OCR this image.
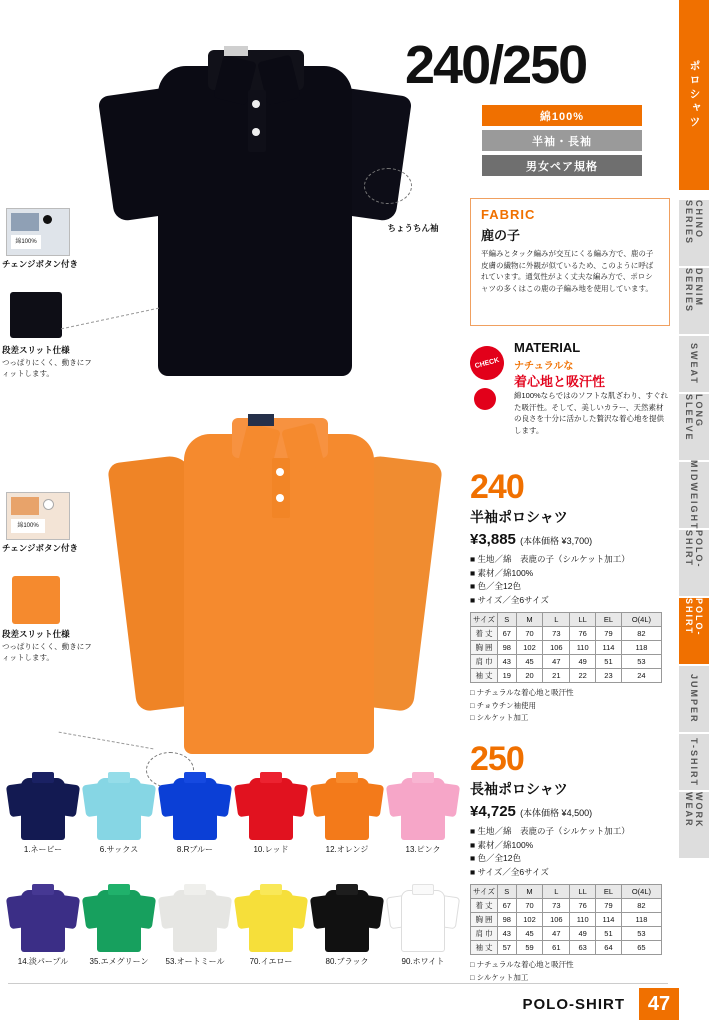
ポロシャツ
CHINO SERIES
DENIM SERIES
SWEAT
LONG SLEEVE
MIDWEIGHT
POLO-SHIRT
POLO-SHIRT
JUMPER
T-SHIRT
WORK WEAR
240/250
綿100%
半袖・長袖
男女ペア規格
FABRIC
鹿の子
平編みとタック編みが交互にくる編み方で、鹿の子皮膚の繊物に外観が似ているため、このように呼ばれています。通気性がよく丈夫な編み方で、ポロシャツの多くはこの鹿の子編み地を使用しています。
CHECK
MATERIAL
ナチュラルな
着心地と吸汗性
綿100%ならではのソフトな肌ざわり、すぐれた吸汗性。そして、美しいカラー、天然素材の良さを十分に活かした贅沢な着心地を提供します。
240
半袖ポロシャツ
¥3,885 (本体価格 ¥3,700)
■ 生地／綿　表鹿の子（シルケット加工）
■ 素材／綿100%
■ 色／全12色
■ サイズ／全6サイズ
サイズ	S	M	L	LL	EL	O(4L)
着 丈	67	70	73	76	79	82
胸 囲	98	102	106	110	114	118
肩 巾	43	45	47	49	51	53
袖 丈	19	20	21	22	23	24
□ ナチュラルな着心地と吸汗性
□ チョウチン袖使用
□ シルケット加工
250
長袖ポロシャツ
¥4,725 (本体価格 ¥4,500)
■ 生地／綿　表鹿の子（シルケット加工）
■ 素材／綿100%
■ 色／全12色
■ サイズ／全6サイズ
サイズ	S	M	L	LL	EL	O(4L)
着 丈	67	70	73	76	79	82
胸 囲	98	102	106	110	114	118
肩 巾	43	45	47	49	51	53
袖 丈	57	59	61	63	64	65
□ ナチュラルな着心地と吸汗性
□ シルケット加工
ちょうちん袖
綿100%
チェンジボタン付き
段差スリット仕様
つっぱりにくく、動きにフィットします。
綿100%
チェンジボタン付き
段差スリット仕様
つっぱりにくく、動きにフィットします。
1.ネービー	6.サックス	8.Rブルー	10.レッド	12.オレンジ	13.ピンク
14.淡パープル	35.エメグリーン	53.オートミール	70.イエロー	80.ブラック	90.ホワイト
POLO-SHIRT	47
